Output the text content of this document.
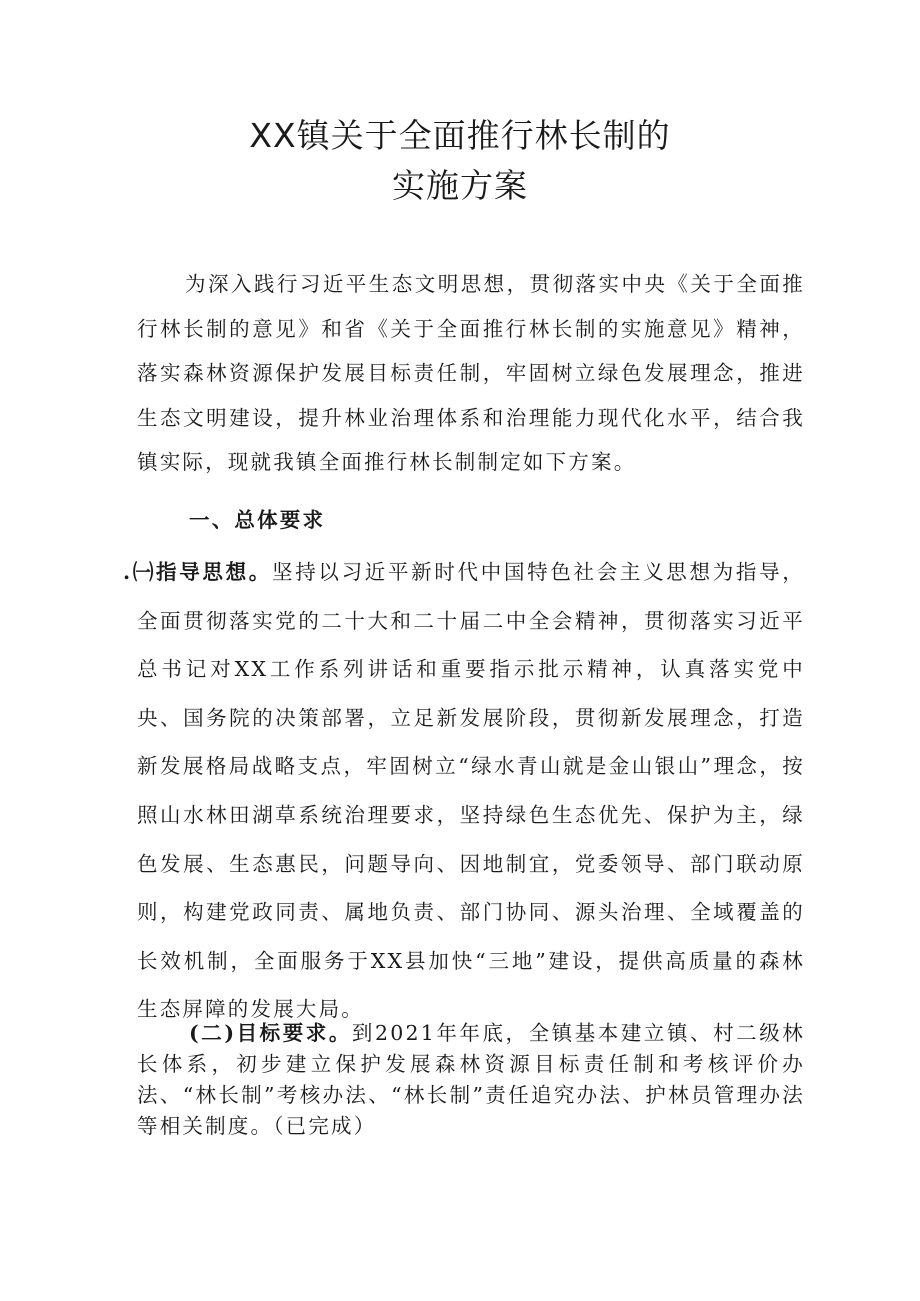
XX镇关于全面推行林长制的
实施方案

为深入践行习近平生态文明思想，贯彻落实中央《关于全面推行林长制的意见》和省《关于全面推行林长制的实施意见》精神，落实森林资源保护发展目标责任制，牢固树立绿色发展理念，推进生态文明建设，提升林业治理体系和治理能力现代化水平，结合我镇实际，现就我镇全面推行林长制制定如下方案。

一、总体要求

.㈠指导思想。坚持以习近平新时代中国特色社会主义思想为指导，全面贯彻落实党的二十大和二十届二中全会精神，贯彻落实习近平总书记对XX工作系列讲话和重要指示批示精神，认真落实党中央、国务院的决策部署，立足新发展阶段，贯彻新发展理念，打造新发展格局战略支点，牢固树立“绿水青山就是金山银山”理念，按照山水林田湖草系统治理要求，坚持绿色生态优先、保护为主，绿色发展、生态惠民，问题导向、因地制宜，党委领导、部门联动原则，构建党政同责、属地负责、部门协同、源头治理、全域覆盖的长效机制，全面服务于XX县加快“三地”建设，提供高质量的森林生态屏障的发展大局。

(二)目标要求。到2021年年底，全镇基本建立镇、村二级林长体系，初步建立保护发展森林资源目标责任制和考核评价办法、“林长制”考核办法、“林长制”责任追究办法、护林员管理办法等相关制度。（已完成）
